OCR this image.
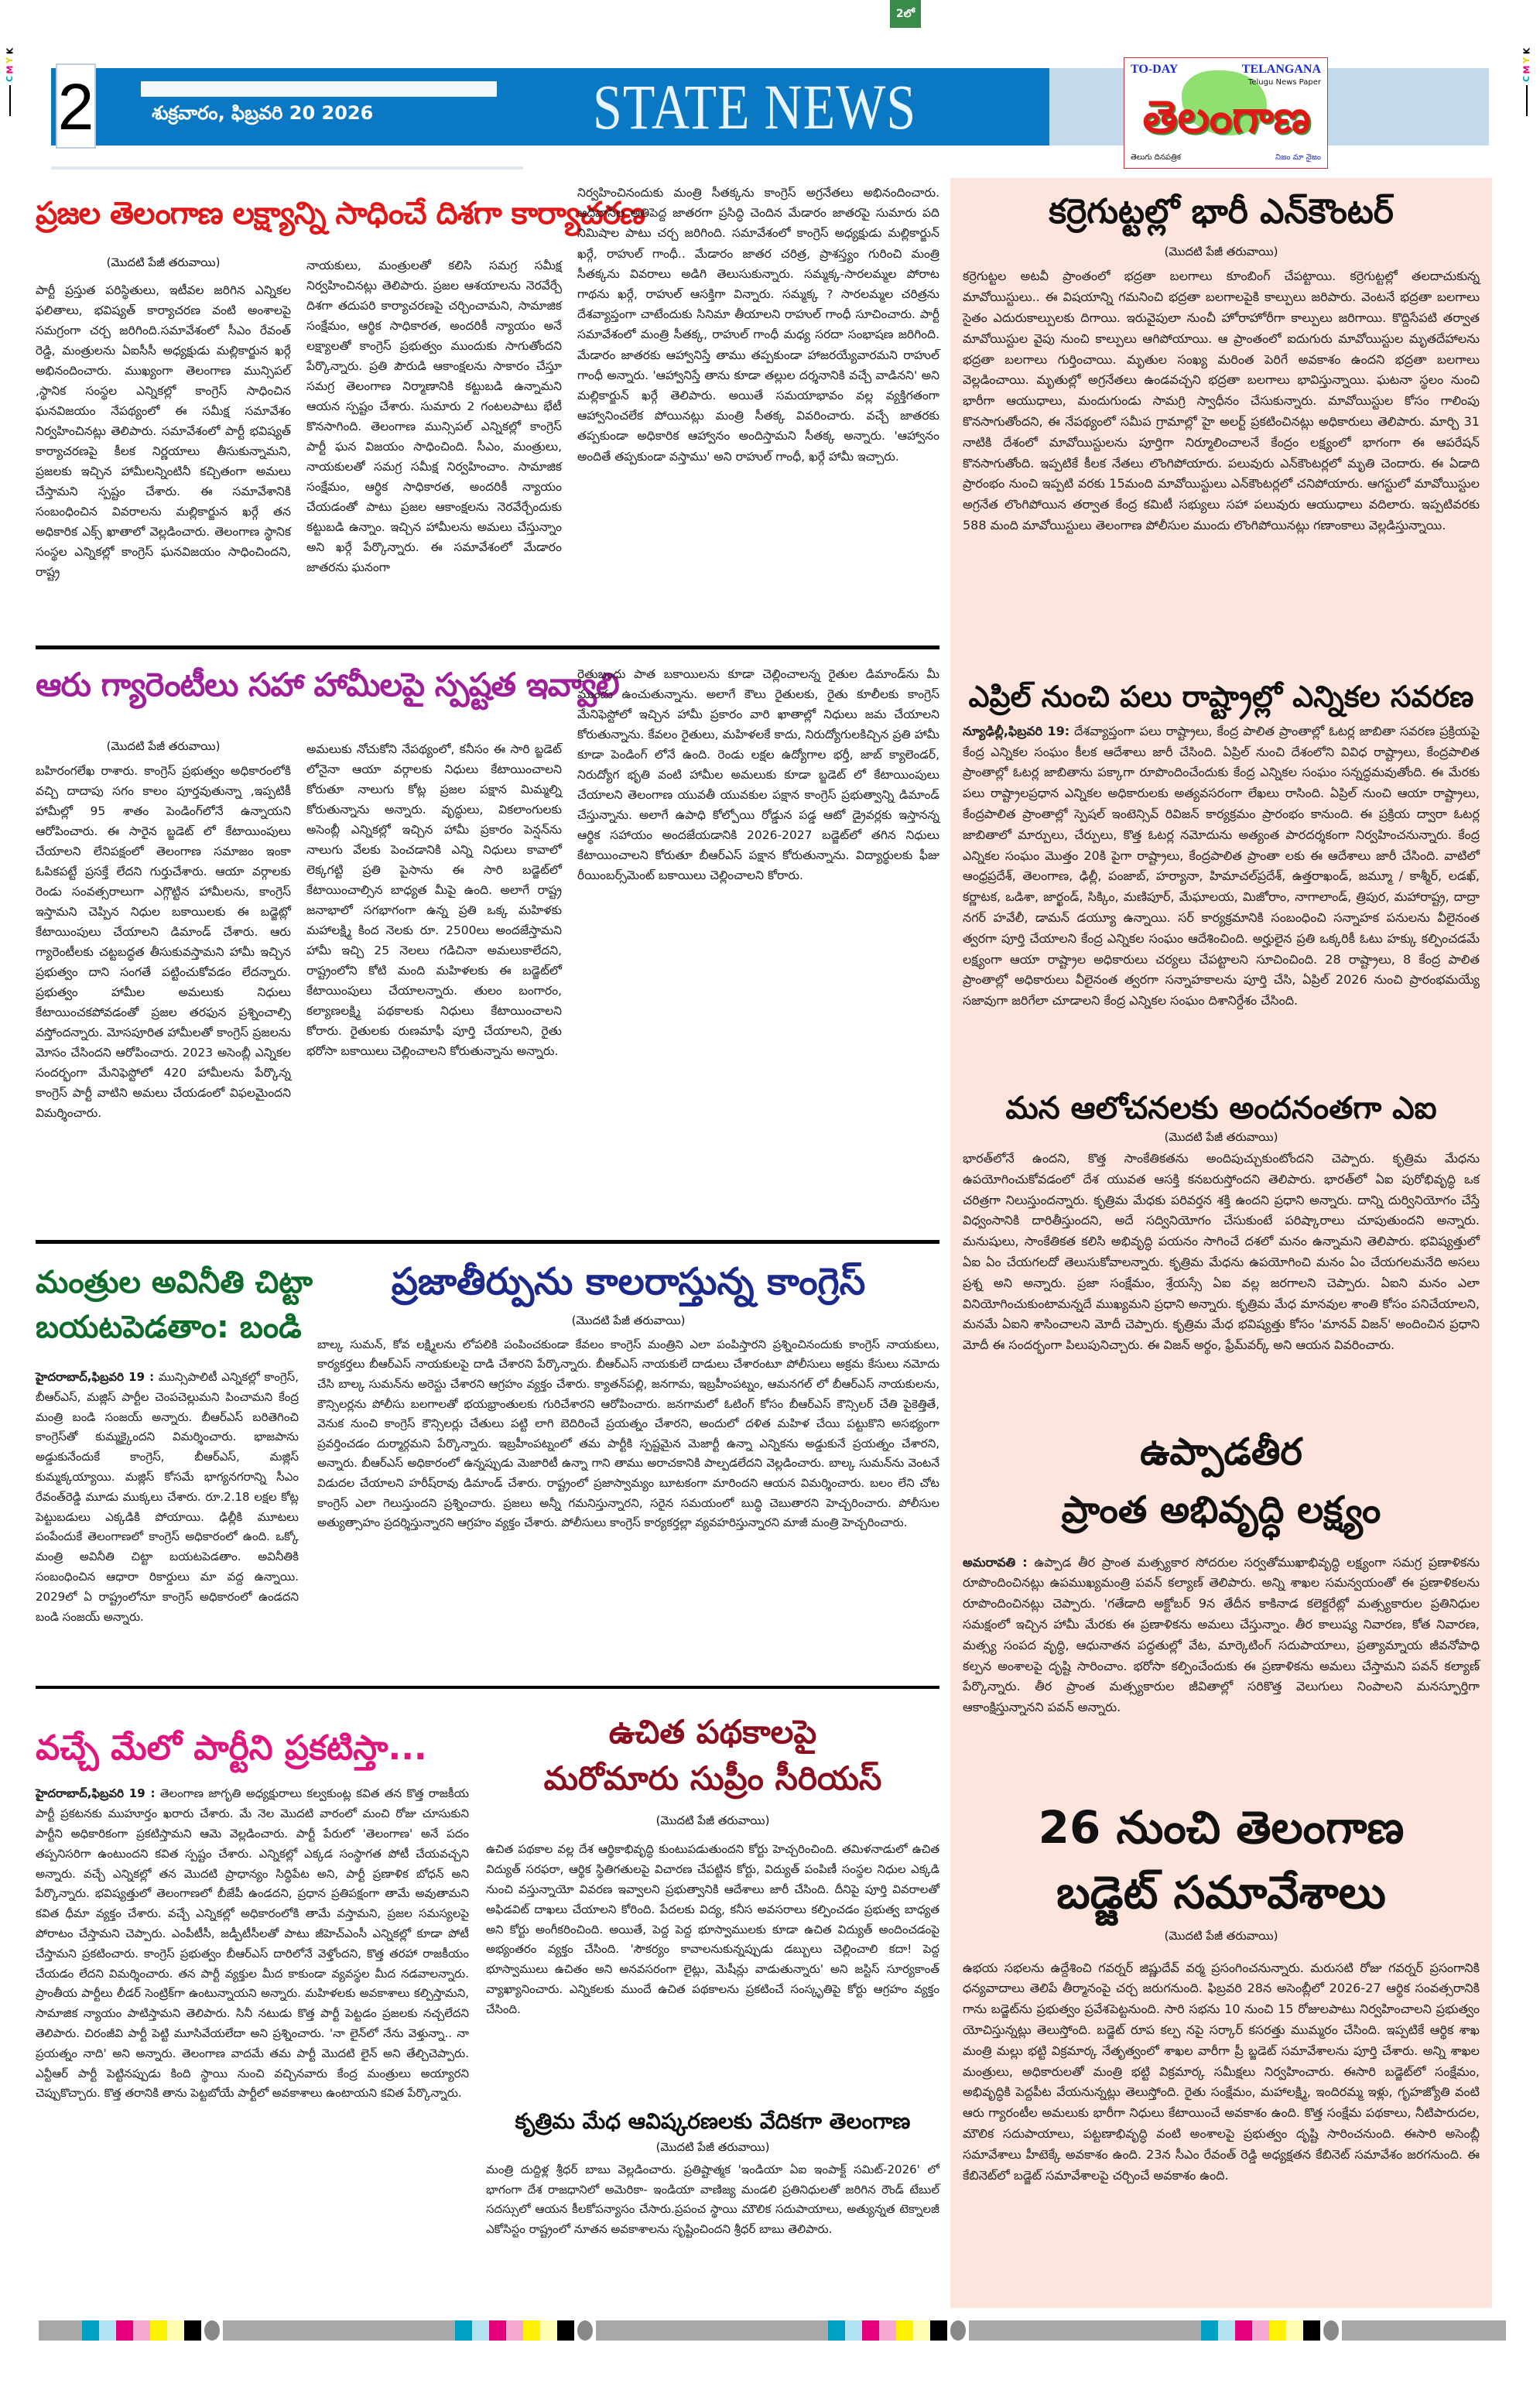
2లో
K
Y
M
C
K
Y
M
C
2	శుక్రవారం, ఫిబ్రవరి 20 2026	STATE NEWS
TO-DAY	TELANGANA
Telugu News Paper
తెలంగాణ
తెలుగు దినపత్రిక	నిజం మా నైజం
ప్రజల తెలంగాణ లక్ష్యాన్ని సాధించే దిశగా కార్యాచరణ
(మొదటి పేజీ తరువాయి)
పార్టీ ప్రస్తుత పరిస్థితులు, ఇటీవల జరిగిన ఎన్నికల ఫలితాలు, భవిష్యత్ కార్యాచరణ వంటి అంశాలపై సమగ్రంగా చర్చ జరిగింది.సమావేశంలో సీఎం రేవంత్ రెడ్డి, మంత్రులను ఏఐసీసీ అధ్యక్షుడు మల్లికార్జున ఖర్గే అభినందించారు. ముఖ్యంగా తెలంగాణ మున్సిపల్ ,స్థానిక సంస్థల ఎన్నికల్లో కాంగ్రెస్ సాధించిన ఘనవిజయం నేపథ్యంలో ఈ సమీక్ష సమావేశం నిర్వహించినట్లు తెలిపారు. సమావేశంలో పార్టీ భవిష్యత్ కార్యాచరణపై కీలక నిర్ణయాలు తీసుకున్నామని, ప్రజలకు ఇచ్చిన హామీలన్నింటినీ కచ్చితంగా అమలు చేస్తామని స్పష్టం చేశారు. ఈ సమావేశానికి సంబంధించిన వివరాలను మల్లికార్జున ఖర్గే తన అధికారిక ఎక్స్ ఖాతాలో వెల్లడించారు. తెలంగాణ స్థానిక సంస్థల ఎన్నికల్లో కాంగ్రెస్ ఘనవిజయం సాధించిందని, రాష్ట్ర
నాయకులు, మంత్రులతో కలిసి సమగ్ర సమీక్ష నిర్వహించినట్లు తెలిపారు. ప్రజల ఆశయాలను నెరవేర్చే దిశగా తదుపరి కార్యాచరణపై చర్చించామని, సామాజిక సంక్షేమం, ఆర్థిక సాధికారత, అందరికీ న్యాయం అనే లక్ష్యాలతో కాంగ్రెస్ ప్రభుత్వం ముందుకు సాగుతోందని పేర్కొన్నారు. ప్రతి పౌరుడి ఆకాంక్షలను సాకారం చేస్తూ సమగ్ర తెలంగాణ నిర్మాణానికి కట్టుబడి ఉన్నామని ఆయన స్పష్టం చేశారు. సుమారు 2 గంటలపాటు భేటీ కొనసాగింది. తెలంగాణ మున్సిపల్ ఎన్నికల్లో కాంగ్రెస్ పార్టీ ఘన విజయం సాధించింది. సీఎం, మంత్రులు, నాయకులతో సమగ్ర సమీక్ష నిర్వహించాం. సామాజిక సంక్షేమం, ఆర్థిక సాధికారత, అందరికీ న్యాయం చేయడంతో పాటు ప్రజల ఆకాంక్షలను నెరవేర్చేందుకు కట్టుబడి ఉన్నాం. ఇచ్చిన హామీలను అమలు చేస్తున్నాం అని ఖర్గే పేర్కొన్నారు. ఈ సమావేశంలో మేడారం జాతరను ఘనంగా
నిర్వహించినందుకు మంత్రి సీతక్కను కాంగ్రెస్ అగ్రనేతలు అభినందించారు. ఆదివాసీల అతిపెద్ద జాతరగా ప్రసిద్ధి చెందిన మేడారం జాతరపై సుమారు పది నిమిషాల పాటు చర్చ జరిగింది. సమావేశంలో కాంగ్రెస్ అధ్యక్షుడు మల్లికార్జున్ ఖర్గే, రాహుల్ గాంధీ.. మేడారం జాతర చరిత్ర, ప్రాశస్త్యం గురించి మంత్రి సీతక్కను వివరాలు అడిగి తెలుసుకున్నారు. సమ్మక్క-సారలమ్మల పోరాట గాథను ఖర్గే, రాహుల్ ఆసక్తిగా విన్నారు. సమ్మక్క ? సారలమ్మల చరిత్రను దేశవ్యాప్తంగా చాటేందుకు సినిమా తీయాలని రాహుల్ గాంధీ సూచించారు. పార్టీ సమావేశంలో మంత్రి సీతక్క, రాహుల్ గాంధీ మధ్య సరదా సంభాషణ జరిగింది. మేడారం జాతరకు ఆహ్వానిస్తే తాము తప్పకుండా హాజరయ్యేవారమని రాహుల్ గాంధీ అన్నారు. 'ఆహ్వానిస్తే తాను కూడా తల్లుల దర్శనానికి వచ్చే వాడినని' అని మల్లికార్జున్ ఖర్గే తెలిపారు. అయితే సమయాభావం వల్ల వ్యక్తిగతంగా ఆహ్వానించలేక పోయినట్లు మంత్రి సీతక్క వివరించారు. వచ్చే జాతరకు తప్పకుండా అధికారిక ఆహ్వానం అందిస్తామని సీతక్క అన్నారు. 'ఆహ్వానం అందితే తప్పకుండా వస్తాము' అని రాహుల్ గాంధీ, ఖర్గే హామీ ఇచ్చారు.
ఆరు గ్యారెంటీలు సహా హామీలపై స్పష్టత ఇవ్వాలి
(మొదటి పేజీ తరువాయి)
బహిరంగలేఖ రాశారు. కాంగ్రెస్ ప్రభుత్వం అధికారంలోకి వచ్చి దాదాపు సగం కాలం పూర్తవుతున్నా ,ఇప్పటికీ హామీల్లో 95 శాతం పెండింగ్‌లోనే ఉన్నాయని ఆరోపించారు. ఈ సారైన బ్జడెట్ లో కేటాయింపులు చేయాలని లేనిపక్షంలో తెలంగాణ సమాజం ఇంకా ఓపికపట్టే ప్రసక్తే లేదని గుర్తుచేశారు. ఆయా వర్గాలకు రెండు సంవత్సరాలుగా ఎగ్గొట్టిన హామీలను, కాంగ్రెస్ ఇస్తామని చెప్పిన నిధుల బకాయిలకు ఈ బడ్జెట్లో కేటాయింపులు చేయాలని డిమాండ్ చేశారు. ఆరు గ్యారెంటీలకు చట్టబద్ధత తీసుకువస్తామని హామీ ఇచ్చిన ప్రభుత్వం దాని సంగతే పట్టించుకోవడం లేదన్నారు. ప్రభుత్వం హామీల అమలుకు నిధులు కేటాయించకపోవడంతో ప్రజల తరఫున ప్రశ్నించాల్సి వస్తోందన్నారు. మోసపూరిత హామీలతో కాంగ్రెస్ ప్రజలను మోసం చేసిందని ఆరోపించారు. 2023 అసెంబ్లీ ఎన్నికల సందర్భంగా మేనిఫెస్టోలో 420 హామీలను పేర్కొన్న కాంగ్రెస్ పార్టీ వాటిని అమలు చేయడంలో విఫలమైందని విమర్శించారు.
అమలుకు నోచుకోని నేపథ్యంలో, కనీసం ఈ సారి బ్జడెట్ లోనైనా ఆయా వర్గాలకు నిధులు కేటాయించాలని కోరుతూ నాలుగు కోట్ల ప్రజల పక్షాన మిమ్మల్ని కోరుతున్నాను అన్నారు. వృద్ధులు, వికలాంగులకు అసెంబ్లీ ఎన్నికల్లో ఇచ్చిన హామీ ప్రకారం పెన్షన్‌ను నాలుగు వేలకు పెంచడానికి ఎన్ని నిధులు కావాలో లెక్కగట్టి ప్రతి పైసాను ఈ సారి బడ్జెట్‌లో కేటాయించాల్సిన బాధ్యత మీపై ఉంది. అలాగే రాష్ట్ర జనాభాలో సగభాగంగా ఉన్న ప్రతి ఒక్క మహిళకు మహాలక్ష్మి కింద నెలకు రూ. 2500లు అందజేస్తామని హామీ ఇచ్చి 25 నెలలు గడిచినా అమలుకాలేదని, రాష్ట్రంలోని కోటి మంది మహిళలకు ఈ బడ్జెట్‌లో కేటాయింపులు చేయాలన్నారు. తులం బంగారం, కల్యాణలక్ష్మి పథకాలకు నిధులు కేటాయించాలని కోరారు. రైతులకు రుణమాఫీ పూర్తి చేయాలని, రైతు భరోసా బకాయిలు చెల్లించాలని కోరుతున్నాను అన్నారు.
రైతుబంధు పాత బకాయిలను కూడా చెల్లించాలన్న రైతుల డిమాండ్‌ను మీ ముందు ఉంచుతున్నాను. అలాగే కౌలు రైతులకు, రైతు కూలీలకు కాంగ్రెస్ మేనిఫెస్టోలో ఇచ్చిన హామీ ప్రకారం వారి ఖాతాల్లో నిధులు జమ చేయాలని కోరుతున్నాను. కేవలం రైతులు, మహిళలకే కాదు, నిరుద్యోగులకిచ్చిన ప్రతి హామీ కూడా పెండింగ్ లోనే ఉంది. రెండు లక్షల ఉద్యోగాల భర్తీ, జాబ్ క్యాలెండర్, నిరుద్యోగ భృతి వంటి హామీల అమలుకు కూడా బ్జడెట్ లో కేటాయింపులు చేయాలని తెలంగాణ యువతీ యువకుల పక్షాన కాంగ్రెస్ ప్రభుత్వాన్ని డిమాండ్ చేస్తున్నాను. అలాగే ఉపాధి కోల్పోయి రోడ్డున పడ్డ ఆటో డ్రైవర్లకు ఇస్తానన్న ఆర్థిక సహాయం అందజేయడానికి 2026-2027 బడ్జెట్‌లో తగిన నిధులు కేటాయించాలని కోరుతూ బీఆర్ఎస్ పక్షాన కోరుతున్నాను. విద్యార్థులకు ఫీజు రీయింబర్స్‌మెంట్ బకాయిలు చెల్లించాలని కోరారు.
మంత్రుల అవినీతి చిట్టా
బయటపెడతాం: బండి
హైదరాబాద్,ఫిబ్రవరి 19 : మున్సిపాలిటీ ఎన్నికల్లో కాంగ్రెస్, బీఆర్ఎస్, మజ్లిస్ పార్టీల చెంపచెల్లుమని పించామని కేంద్ర మంత్రి బండి సంజయ్ అన్నారు. బీఆర్ఎస్ బరితెగించి కాంగ్రెస్‌తో కుమ్మక్కైందని విమర్శించారు. భాజపాను అడ్డుకునేందుకే కాంగ్రెస్, బీఆర్ఎస్, మజ్లిస్ కుమ్మక్కయ్యాయి. మజ్లిస్ కోసమే భాగ్యనగరాన్ని సీఎం రేవంత్‌రెడ్డి మూడు ముక్కలు చేశారు. రూ.2.18 లక్షల కోట్ల పెట్టుబడులు ఎక్కడికి పోయాయి. ఢిల్లీకి మూటలు పంపేందుకే తెలంగాణలో కాంగ్రెస్ అధికారంలో ఉంది. ఒక్కో మంత్రి అవినీతి చిట్టా బయటపెడతాం. అవినీతికి సంబంధించిన ఆధారా రికార్డులు మా వద్ద ఉన్నాయి. 2029లో ఏ రాష్ట్రంలోనూ కాంగ్రెస్ అధికారంలో ఉండదని బండి సంజయ్ అన్నారు.
ప్రజాతీర్పును కాలరాస్తున్న కాంగ్రెస్
(మొదటి పేజీ తరువాయి)
బాల్క సుమన్, కోవ లక్ష్మిలను లోపలికి పంపించకుండా కేవలం కాంగ్రెస్ మంత్రిని ఎలా పంపిస్తారని ప్రశ్నించినందుకు కాంగ్రెస్ నాయకులు, కార్యకర్తలు బీఆర్ఎస్ నాయకులపై దాడి చేశారని పేర్కొన్నారు. బీఆర్ఎస్ నాయకులే దాడులు చేశారంటూ పోలీసులు అక్రమ కేసులు నమోదు చేసి బాల్క సుమన్‌ను అరెస్టు చేశారని ఆగ్రహం వ్యక్తం చేశారు. క్యాతన్‌పల్లి, జనగామ, ఇబ్రహీంపట్నం, ఆమనగల్ లో బీఆర్ఎస్ నాయకులను, కౌన్సిలర్లను పోలీసు బలగాలతో భయభ్రాంతులకు గురిచేశారని ఆరోపించారు. జనగామలో ఓటింగ్ కోసం బీఆర్ఎస్ కౌన్సిలర్ చేతి పైకెత్తితే, వెనుక నుంచి కాంగ్రెస్ కౌన్సిలర్లు చేతులు పట్టి లాగి బెదిరించే ప్రయత్నం చేశారని, అందులో దళిత మహిళ చేయి పట్టుకొని అసభ్యంగా ప్రవర్తించడం దుర్మార్గమని పేర్కొన్నారు. ఇబ్రహీంపట్నంలో తమ పార్టీకి స్పష్టమైన మెజార్టీ ఉన్నా ఎన్నికను అడ్డుకునే ప్రయత్నం చేశారని, అన్నారు. బీఆర్ఎస్ అధికారంలో ఉన్నప్పుడు మెజారిటీ ఉన్నా గాని తాము అరాచకానికి పాల్పడలేదని వెల్లడించారు. బాల్క సుమన్‌ను వెంటనే విడుదల చేయాలని హరీష్‌రావు డిమాండ్ చేశారు. రాష్ట్రంలో ప్రజాస్వామ్యం బూటకంగా మారిందని ఆయన విమర్శించారు. బలం లేని చోట కాంగ్రెస్ ఎలా గెలుస్తుందని ప్రశ్నించారు. ప్రజలు అన్నీ గమనిస్తున్నారని, సరైన సమయంలో బుద్ధి చెబుతారని హెచ్చరించారు. పోలీసుల అత్యుత్సాహం ప్రదర్శిస్తున్నారని ఆగ్రహం వ్యక్తం చేశారు. పోలీసులు కాంగ్రెస్ కార్యకర్తల్లా వ్యవహరిస్తున్నారని మాజీ మంత్రి హెచ్చరించారు.
వచ్చే మేలో పార్టీని ప్రకటిస్తా...
హైదరాబాద్,ఫిబ్రవరి 19 : తెలంగాణ జాగృతి అధ్యక్షురాలు కల్వకుంట్ల కవిత తన కొత్త రాజకీయ పార్టీ ప్రకటనకు ముహూర్తం ఖరారు చేశారు. మే నెల మొదటి వారంలో మంచి రోజు చూసుకుని పార్టీని అధికారికంగా ప్రకటిస్తామని ఆమె వెల్లడించారు. పార్టీ పేరులో 'తెలంగాణ' అనే పదం తప్పనిసరిగా ఉంటుందని కవిత స్పష్టం చేశారు. ఎన్నికల్లో ఎక్కడ సంస్థాగత పోటీ చేయవచ్చని అన్నారు. వచ్చే ఎన్నికల్లో తన మొదటి ప్రాధాన్యం సిద్ధిపేట అని, పార్టీ ప్రణాళిక బోధన్ అని పేర్కొన్నారు. భవిష్యత్తులో తెలంగాణలో బీజేపీ ఉండదని, ప్రధాన ప్రతిపక్షంగా తామే అవుతామని కవిత ధీమా వ్యక్తం చేశారు. వచ్చే ఎన్నికల్లో అధికారంలోకి తామే వస్తామని, ప్రజల సమస్యలపై పోరాటం చేస్తామని చెప్పారు. ఎంపీటీసీ, జడ్పీటీసీలతో పాటు జీహెచ్ఎంసీ ఎన్నికల్లో కూడా పోటీ చేస్తామని ప్రకటించారు. కాంగ్రెస్ ప్రభుత్వం బీఆర్ఎస్ దారిలోనే వెళ్తోందని, కొత్త తరహా రాజకీయం చేయడం లేదని విమర్శించారు. తన పార్టీ వ్యక్తుల మీద కాకుండా వ్యవస్థల మీద నడవాలన్నారు. ప్రాంతీయ పార్టీలు లీడర్ సెంట్రిక్‌గా ఉంటున్నాయని అన్నారు. మహిళలకు అవకాశాలు కల్పిస్తామని, సామాజిక న్యాయం పాటిస్తామని తెలిపారు. సినీ నటుడు కొత్త పార్టీ పెట్టడం ప్రజలకు నచ్చలేదని తెలిపారు. చిరంజీవి పార్టీ పెట్టి మూసివేయలేదా అని ప్రశ్నించారు. 'నా లైన్‌లో నేను వెళ్తున్నా.. నా ప్రయత్నం నాది' అని అన్నారు. తెలంగాణ వాదమే తమ పార్టీ మొదటి లైన్ అని తేల్చిచెప్పారు. ఎన్టీఆర్ పార్టీ పెట్టినప్పుడు కింది స్థాయి నుంచి వచ్చినవారు కేంద్ర మంత్రులు అయ్యారని చెప్పుకొచ్చారు. కొత్త తరానికి తాను పెట్టబోయే పార్టీలో అవకాశాలు ఉంటాయని కవిత పేర్కొన్నారు.
ఉచిత పథకాలపై
మరోమారు సుప్రీం సీరియస్
(మొదటి పేజీ తరువాయి)
ఉచిత పథకాల వల్ల దేశ ఆర్థికాభివృద్ధి కుంటుపడుతుందని కోర్టు హెచ్చరించింది. తమిళనాడులో ఉచిత విద్యుత్ సరఫరా, ఆర్థిక స్థితిగతులపై విచారణ చేపట్టిన కోర్టు, విద్యుత్ పంపిణీ సంస్థల నిధుల ఎక్కడి నుంచి వస్తున్నాయో వివరణ ఇవ్వాలని ప్రభుత్వానికి ఆదేశాలు జారీ చేసింది. దీనిపై పూర్తి వివరాలతో అఫిడవిట్ దాఖలు చేయాలని కోరింది. పేదలకు విద్య, కనీస అవసరాలు కల్పించడం ప్రభుత్వ బాధ్యత అని కోర్టు అంగీకరించింది. అయితే, పెద్ద పెద్ద భూస్వాములకు కూడా ఉచిత విద్యుత్ అందించడంపై అభ్యంతరం వ్యక్తం చేసింది. 'సౌకర్యం కావాలనుకున్నప్పుడు డబ్బులు చెల్లించాలి కదా! పెద్ద భూస్వాములు ఉచితం అని అనవసరంగా లైట్లు, మెషీన్లు వాడుతున్నారు' అని జస్టిస్ సూర్యకాంత్ వ్యాఖ్యానించారు. ఎన్నికలకు ముందే ఉచిత పథకాలను ప్రకటించే సంస్కృతిపై కోర్టు ఆగ్రహం వ్యక్తం చేసింది.
కృత్రిమ మేధ ఆవిష్కరణలకు వేదికగా తెలంగాణ
(మొదటి పేజీ తరువాయి)
మంత్రి దుద్దిళ్ల శ్రీధర్ బాబు వెల్లడించారు. ప్రతిష్టాత్మక 'ఇండియా ఏఐ ఇంపాక్ట్ సమిట్-2026' లో భాగంగా దేశ రాజధానిలో అమెరికా- ఇండియా వాణిజ్య మండలి ప్రతినిధులతో జరిగిన రౌండ్ టేబుల్ సదస్సులో ఆయన కీలకోపన్యాసం చేసారు.ప్రపంచ స్థాయి మౌలిక సదుపాయాలు, అత్యున్నత టెక్నాలజీ ఎకోసిస్టం రాష్ట్రంలో నూతన అవకాశాలను సృష్టించిందని శ్రీధర్ బాబు తెలిపారు.
కర్రెగుట్టల్లో భారీ ఎన్‌కౌంటర్
(మొదటి పేజీ తరువాయి)
కర్రెగుట్టల అటవీ ప్రాంతంలో భద్రతా బలగాలు కూంబింగ్ చేపట్టాయి. కర్రెగుట్టల్లో తలదాచుకున్న మావోయిస్టులు.. ఈ విషయాన్ని గమనించి భద్రతా బలగాలపైకి కాల్పులు జరిపారు. వెంటనే భద్రతా బలగాలు సైతం ఎదురుకాల్పులకు దిగాయి. ఇరువైపులా నుంచీ హోరాహోరీగా కాల్పులు జరిగాయి. కొద్దిసేపటి తర్వాత మావోయిస్టుల వైపు నుంచి కాల్పులు ఆగిపోయాయి. ఆ ప్రాంతంలో ఐదుగురు మావోయిస్టుల మృతదేహాలను భద్రతా బలగాలు గుర్తించాయి. మృతుల సంఖ్య మరింత పెరిగే అవకాశం ఉందని భద్రతా బలగాలు వెల్లడించాయి. మృతుల్లో అగ్రనేతలు ఉండవచ్చని భద్రతా బలగాలు భావిస్తున్నాయి. ఘటనా స్థలం నుంచి భారీగా ఆయుధాలు, మందుగుండు సామగ్రి స్వాధీనం చేసుకున్నారు. మావోయిస్టుల కోసం గాలింపు కొనసాగుతోందని, ఈ నేపథ్యంలో సమీప గ్రామాల్లో హై అలర్ట్ ప్రకటించినట్లు అధికారులు తెలిపారు. మార్చి 31 నాటికి దేశంలో మావోయిస్టులను పూర్తిగా నిర్మూలించాలనే కేంద్రం లక్ష్యంలో భాగంగా ఈ ఆపరేషన్ కొనసాగుతోంది. ఇప్పటికే కీలక నేతలు లొంగిపోయారు. పలువురు ఎన్‌కౌంటర్లలో మృతి చెందారు. ఈ ఏడాది ప్రారంభం నుంచి ఇప్పటి వరకు 15మంది మావోయిస్టులు ఎన్‌కౌంటర్లలో చనిపోయారు. ఆగస్టులో మావోయిస్టుల అగ్రనేత లొంగిపోయిన తర్వాత కేంద్ర కమిటీ సభ్యులు సహా పలువురు ఆయుధాలు వదిలారు. ఇప్పటివరకు 588 మంది మావోయిస్టులు తెలంగాణ పోలీసుల ముందు లొంగిపోయినట్లు గణాంకాలు వెల్లడిస్తున్నాయి.
ఎప్రిల్ నుంచి పలు రాష్ట్రాల్లో ఎన్నికల సవరణ
న్యూఢిల్లీ,ఫిబ్రవరి 19: దేశవ్యాప్తంగా పలు రాష్ట్రాలు, కేంద్ర పాలిత ప్రాంతాల్లో ఓటర్ల జాబితా సవరణ ప్రక్రియపై కేంద్ర ఎన్నికల సంఘం కీలక ఆదేశాలు జారీ చేసింది. ఏప్రిల్ నుంచి దేశంలోని వివిధ రాష్ట్రాలు, కేంద్రపాలిత ప్రాంతాల్లో ఓటర్ల జాబితాను పక్కాగా రూపొందించేందుకు కేంద్ర ఎన్నికల సంఘం సన్నద్ధమవుతోంది. ఈ మేరకు పలు రాష్ట్రాలప్రధాన ఎన్నికల అధికారులకు అత్యవసరంగా లేఖలు రాసింది. ఏప్రిల్ నుంచి ఆయా రాష్ట్రాలు, కేంద్రపాలిత ప్రాంతాల్లో స్పెషల్ ఇంటెన్సివ్ రివిజన్ కార్యక్రమం ప్రారంభం కానుంది. ఈ ప్రక్రియ ద్వారా ఓటర్ల జాబితాలో మార్పులు, చేర్పులు, కొత్త ఓటర్ల నమోదును అత్యంత పారదర్శకంగా నిర్వహించనున్నారు. కేంద్ర ఎన్నికల సంఘం మొత్తం 20కి పైగా రాష్ట్రాలు, కేంద్రపాలిత ప్రాంతా లకు ఈ ఆదేశాలు జారీ చేసింది. వాటిలో ఆంధ్రప్రదేశ్, తెలంగాణ, ఢిల్లీ, పంజాబ్, హర్యానా, హిమాచల్‌ప్రదేశ్, ఉత్తరాఖండ్, జమ్మూ / కాశ్మీర్, లడఖ్, కర్ణాటక, ఒడిశా, జార్ఖండ్, సిక్కిం, మణిపూర్, మేఘాలయ, మిజోరాం, నాగాలాండ్, త్రిపుర, మహారాష్ట్ర, దాద్రా నగర్ హవేలీ, డామన్ డయ్యూ ఉన్నాయి. సర్ కార్యక్రమానికి సంబంధించి సన్నాహక పనులను వీలైనంత త్వరగా పూర్తి చేయాలని కేంద్ర ఎన్నికల సంఘం ఆదేశించింది. అర్హులైన ప్రతి ఒక్కరికీ ఓటు హక్కు కల్పించడమే లక్ష్యంగా ఆయా రాష్ట్రాల అధికారులు చర్యలు చేపట్టాలని సూచించింది. 28 రాష్ట్రాలు, 8 కేంద్ర పాలిత ప్రాంతాల్లో అధికారులు వీలైనంత త్వరగా సన్నాహకాలను పూర్తి చేసి, ఏప్రిల్ 2026 నుంచి ప్రారంభమయ్యే సజావుగా జరిగేలా చూడాలని కేంద్ర ఎన్నికల సంఘం దిశానిర్దేశం చేసింది.
మన ఆలోచనలకు అందనంతగా ఎఐ
(మొదటి పేజీ తరువాయి)
భారత్‌లోనే ఉందని, కొత్త సాంకేతికతను అందిపుచ్చుకుంటోందని చెప్పారు. కృత్రిమ మేధను ఉపయోగించుకోవడంలో దేశ యువత ఆసక్తి కనబరుస్తోందని తెలిపారు. భారత్‌లో ఏఐ పురోభివృద్ధి ఒక చరిత్రగా నిలుస్తుందన్నారు. కృత్రిమ మేధకు పరివర్తన శక్తి ఉందని ప్రధాని అన్నారు. దాన్ని దుర్వినియోగం చేస్తే విధ్వంసానికి దారితీస్తుందని, అదే సద్వినియోగం చేసుకుంటే పరిష్కారాలు చూపుతుందని అన్నారు. మనుషులు, సాంకేతికత కలిసి అభివృద్ధి పయనం సాగించే దశలో మనం ఉన్నామని తెలిపారు. భవిష్యత్తులో ఏఐ ఏం చేయగలదో తెలుసుకోవాలన్నారు. కృత్రిమ మేధను ఉపయోగించి మనం ఏం చేయగలమనేది అసలు ప్రశ్న అని అన్నారు. ప్రజా సంక్షేమం, శ్రేయస్సే ఏఐ వల్ల జరగాలని చెప్పారు. ఏఐని మనం ఎలా వినియోగించుకుంటామన్నదే ముఖ్యమని ప్రధాని అన్నారు. కృత్రిమ మేధ మానవుల శాంతి కోసం పనిచేయాలని, మనమే ఏఐని శాసించాలని మోదీ చెప్పారు. కృత్రిమ మేధ భవిష్యత్తు కోసం 'మానవ్ విజన్' అందించిన ప్రధాని మోదీ ఈ సందర్భంగా పిలుపునిచ్చారు. ఈ విజన్ అర్థం, ఫ్రేమ్‌వర్క్ అని ఆయన వివరించారు.
ఉప్పాడతీర
ప్రాంత అభివృద్ధి లక్ష్యం
అమరావతి : ఉప్పాడ తీర ప్రాంత మత్స్యకార సోదరుల సర్వతోముఖాభివృద్ధి లక్ష్యంగా సమగ్ర ప్రణాళికను రూపొందించినట్లు ఉపముఖ్యమంత్రి పవన్ కల్యాణ్ తెలిపారు. అన్ని శాఖల సమన్వయంతో ఈ ప్రణాళికలను రూపొందించినట్లు చెప్పారు. 'గతేడాది అక్టోబర్ 9న తేదీన కాకినాడ కలెక్టరేట్లో మత్స్యకారుల ప్రతినిధుల సమక్షంలో ఇచ్చిన హామీ మేరకు ఈ ప్రణాళికను అమలు చేస్తున్నాం. తీర కాలుష్య నివారణ, కోత నివారణ, మత్స్య సంపద వృద్ధి, ఆధునాతన పద్ధతుల్లో వేట, మార్కెటింగ్ సదుపాయాలు, ప్రత్యామ్నాయ జీవనోపాధి కల్పన అంశాలపై దృష్టి సారించాం. భరోసా కల్పించేందుకు ఈ ప్రణాళికను అమలు చేస్తామని పవన్ కల్యాణ్ పేర్కొన్నారు. తీర ప్రాంత మత్స్యకారుల జీవితాల్లో సరికొత్త వెలుగులు నింపాలని మనస్ఫూర్తిగా ఆకాంక్షిస్తున్నానని పవన్ అన్నారు.
26 నుంచి తెలంగాణ
బడ్జెట్ సమావేశాలు
(మొదటి పేజీ తరువాయి)
ఉభయ సభలను ఉద్దేశించి గవర్నర్ జిష్ణుదేవ్ వర్మ ప్రసంగించనున్నారు. మరుసటి రోజు గవర్నర్ ప్రసంగానికి ధన్యవాదాలు తెలిపే తీర్మానంపై చర్చ జరుగనుంది. ఫిబ్రవరి 28న అసెంబ్లీలో 2026-27 ఆర్థిక సంవత్సరానికి గాను బడ్జెట్‌ను ప్రభుత్వం ప్రవేశపెట్టనుంది. సారి సభను 10 నుంచి 15 రోజులపాటు నిర్వహించాలని ప్రభుత్వం యోచిస్తున్నట్లు తెలుస్తోంది. బడ్జెట్ రూప కల్ప నపై సర్కార్ కసరత్తు ముమ్మరం చేసింది. ఇప్పటికే ఆర్థిక శాఖ మంత్రి మల్లు భట్టి విక్రమార్క నేతృత్వంలో శాఖల వారీగా ప్రీ బ్జడెట్ సమావేశాలను పూర్తి చేశారు. అన్ని శాఖల మంత్రులు, అధికారులతో మంత్రి భట్టి విక్రమార్క సమీక్షలు నిర్వహించారు. ఈసారి బడ్జెట్‌లో సంక్షేమం, అభివృద్ధికి పెద్దపీట వేయనున్నట్లు తెలుస్తోంది. రైతు సంక్షేమం, మహాలక్ష్మి, ఇందిరమ్మ ఇళ్లు, గృహజ్యోతి వంటి ఆరు గ్యారంటీల అమలుకు భారీగా నిధులు కేటాయించే అవకాశం ఉంది. కొత్త సంక్షేమ పథకాలు, నీటిపారుదల, మౌలిక సదుపాయాలు, పట్టణాభివృద్ధి వంటి అంశాలపై ప్రభుత్వం దృష్టి సారించనుంది. ఈసారి అసెంబ్లీ సమావేశాలు హీటెక్కే అవకాశం ఉంది. 23న సీఎం రేవంత్ రెడ్డి అధ్యక్షతన కేబినెట్ సమావేశం జరగనుంది. ఈ కేబినెట్‌లో బడ్జెట్ సమావేశాలపై చర్చించే అవకాశం ఉంది.
